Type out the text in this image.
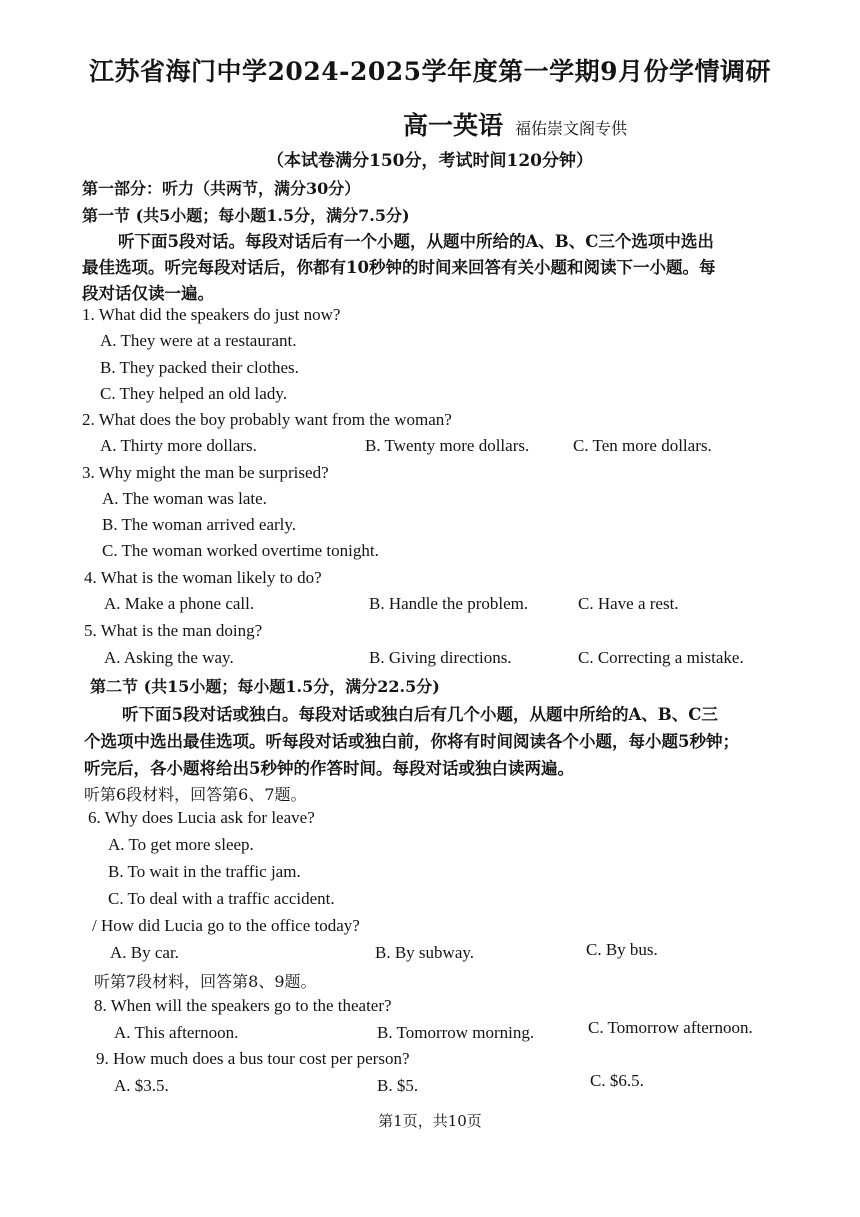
江苏省海门中学2024-2025学年度第一学期9月份学情调研
高一英语 福佑崇文阁专供
（本试卷满分150分，考试时间120分钟）
第一部分：听力（共两节，满分30分）
第一节 (共5小题；每小题1.5分，满分7.5分)
听下面5段对话。每段对话后有一个小题，从题中所给的A、B、C三个选项中选出
最佳选项。听完每段对话后，你都有10秒钟的时间来回答有关小题和阅读下一小题。每
段对话仅读一遍。
1. What did the speakers do just now?
A. They were at a restaurant.
B. They packed their clothes.
C. They helped an old lady.
2. What does the boy probably want from the woman?
A. Thirty more dollars.	B. Twenty more dollars.	C. Ten more dollars.
3. Why might the man be surprised?
A. The woman was late.
B. The woman arrived early.
C. The woman worked overtime tonight.
4. What is the woman likely to do?
A. Make a phone call.	B. Handle the problem.	C. Have a rest.
5. What is the man doing?
A. Asking the way.	B. Giving directions.	C. Correcting a mistake.
第二节 (共15小题；每小题1.5分，满分22.5分)
听下面5段对话或独白。每段对话或独白后有几个小题，从题中所给的A、B、C三
个选项中选出最佳选项。听每段对话或独白前，你将有时间阅读各个小题，每小题5秒钟；
听完后，各小题将给出5秒钟的作答时间。每段对话或独白读两遍。
听第6段材料，回答第6、7题。
6. Why does Lucia ask for leave?
A. To get more sleep.
B. To wait in the traffic jam.
C. To deal with a traffic accident.
/ How did Lucia go to the office today?
A. By car.	B. By subway.	C. By bus.
听第7段材料，回答第8、9题。
8. When will the speakers go to the theater?
A. This afternoon.	B. Tomorrow morning.	C. Tomorrow afternoon.
9. How much does a bus tour cost per person?
A. $3.5.	B. $5.	C. $6.5.
第1页，共10页
